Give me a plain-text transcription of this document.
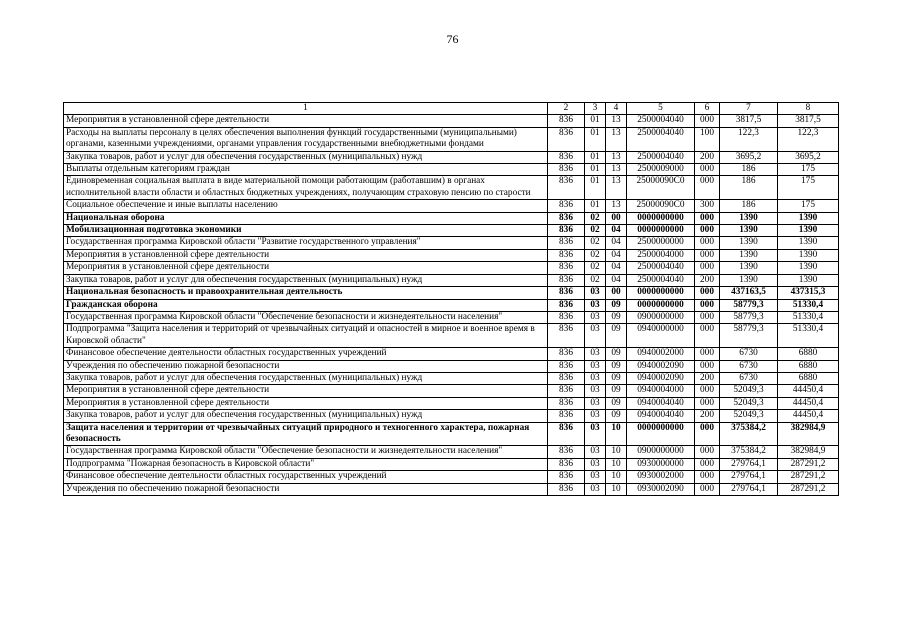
76
1	2	3	4	5	6	7	8
Мероприятия в установленной сфере деятельности	836	01	13	2500004040	000	3817,5	3817,5
Расходы на выплаты персоналу в целях обеспечения выполнения функций государственными (муниципальными) органами, казенными учреждениями, органами управления государственными внебюджетными фондами	836	01	13	2500004040	100	122,3	122,3
Закупка товаров, работ и услуг для обеспечения государственных (муниципальных) нужд	836	01	13	2500004040	200	3695,2	3695,2
Выплаты отдельным категориям граждан	836	01	13	2500009000	000	186	175
Единовременная социальная выплата в виде материальной помощи работающим (работавшим) в органах исполнительной власти области и областных бюджетных учреждениях, получающим страховую пенсию по старости	836	01	13	25000090C0	000	186	175
Социальное обеспечение и иные выплаты населению	836	01	13	25000090C0	300	186	175
Национальная оборона	836	02	00	0000000000	000	1390	1390
Мобилизационная подготовка экономики	836	02	04	0000000000	000	1390	1390
Государственная программа Кировской области "Развитие государственного управления"	836	02	04	2500000000	000	1390	1390
Мероприятия в установленной сфере деятельности	836	02	04	2500004000	000	1390	1390
Мероприятия в установленной сфере деятельности	836	02	04	2500004040	000	1390	1390
Закупка товаров, работ и услуг для обеспечения государственных (муниципальных) нужд	836	02	04	2500004040	200	1390	1390
Национальная безопасность и правоохранительная деятельность	836	03	00	0000000000	000	437163,5	437315,3
Гражданская оборона	836	03	09	0000000000	000	58779,3	51330,4
Государственная программа Кировской области "Обеспечение безопасности и жизнедеятельности населения"	836	03	09	0900000000	000	58779,3	51330,4
Подпрограмма "Защита населения и территорий от чрезвычайных ситуаций и опасностей в мирное и военное время в Кировской области"	836	03	09	0940000000	000	58779,3	51330,4
Финансовое обеспечение деятельности областных государственных учреждений	836	03	09	0940002000	000	6730	6880
Учреждения по обеспечению пожарной безопасности	836	03	09	0940002090	000	6730	6880
Закупка товаров, работ и услуг для обеспечения государственных (муниципальных) нужд	836	03	09	0940002090	200	6730	6880
Мероприятия в установленной сфере деятельности	836	03	09	0940004000	000	52049,3	44450,4
Мероприятия в установленной сфере деятельности	836	03	09	0940004040	000	52049,3	44450,4
Закупка товаров, работ и услуг для обеспечения государственных (муниципальных) нужд	836	03	09	0940004040	200	52049,3	44450,4
Защита населения и территории от чрезвычайных ситуаций природного и техногенного характера, пожарная безопасность	836	03	10	0000000000	000	375384,2	382984,9
Государственная программа Кировской области "Обеспечение безопасности и жизнедеятельности населения"	836	03	10	0900000000	000	375384,2	382984,9
Подпрограмма "Пожарная безопасность в Кировской области"	836	03	10	0930000000	000	279764,1	287291,2
Финансовое обеспечение деятельности областных государственных учреждений	836	03	10	0930002000	000	279764,1	287291,2
Учреждения по обеспечению пожарной безопасности	836	03	10	0930002090	000	279764,1	287291,2
